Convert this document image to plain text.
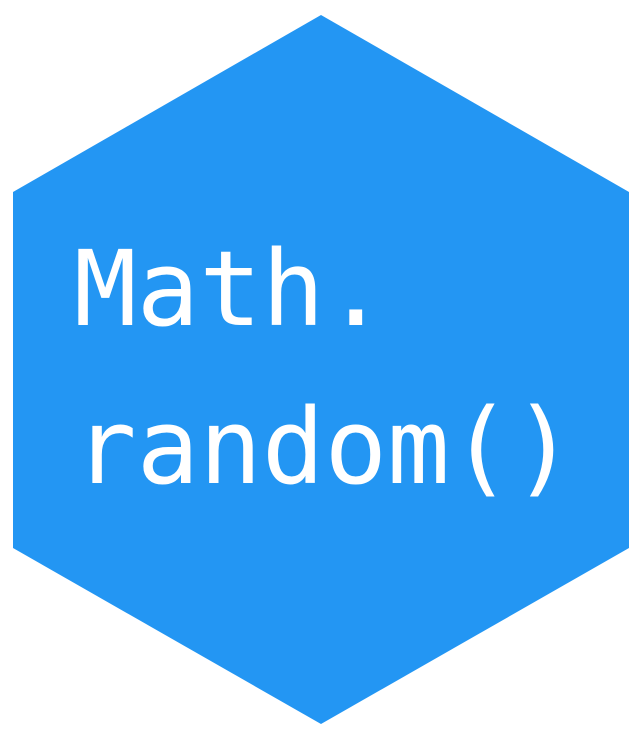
Math.
random()
